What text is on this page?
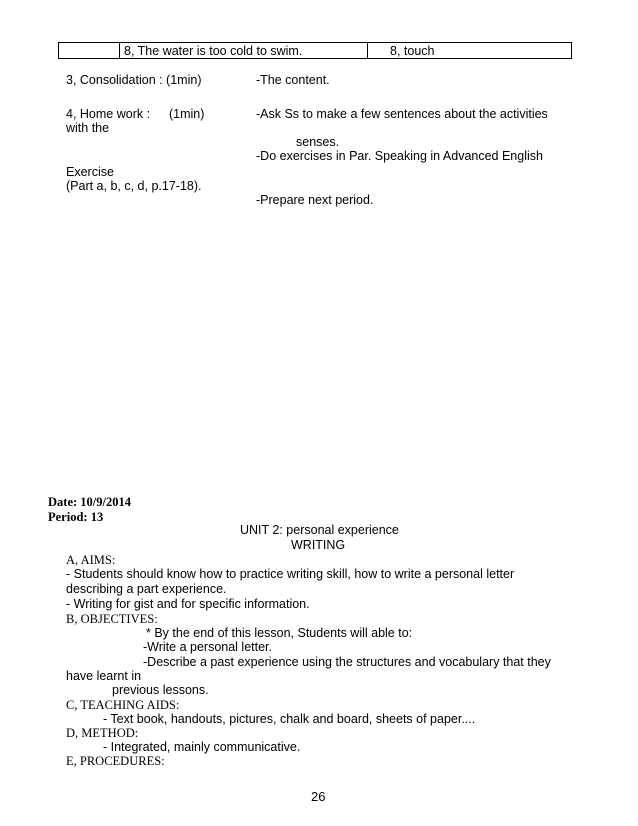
8, The water is too cold to swim.	8, touch
3, Consolidation : (1min)	-The content.
4, Home work : (1min)	-Ask Ss to make a few sentences about the activities
with the
senses.
-Do exercises in Par. Speaking in Advanced English
Exercise
(Part a, b, c, d, p.17-18).
-Prepare next period.
Date: 10/9/2014
Period: 13
UNIT 2: personal experience
WRITING
A, AIMS:
- Students should know how to practice writing skill, how to write a personal letter
describing a part experience.
- Writing for gist and for specific information.
B, OBJECTIVES:
* By the end of this lesson, Students will able to:
-Write a personal letter.
-Describe a past experience using the structures and vocabulary that they
have learnt in
previous lessons.
C, TEACHING AIDS:
- Text book, handouts, pictures, chalk and board, sheets of paper....
D, METHOD:
- Integrated, mainly communicative.
E, PROCEDURES:
26
